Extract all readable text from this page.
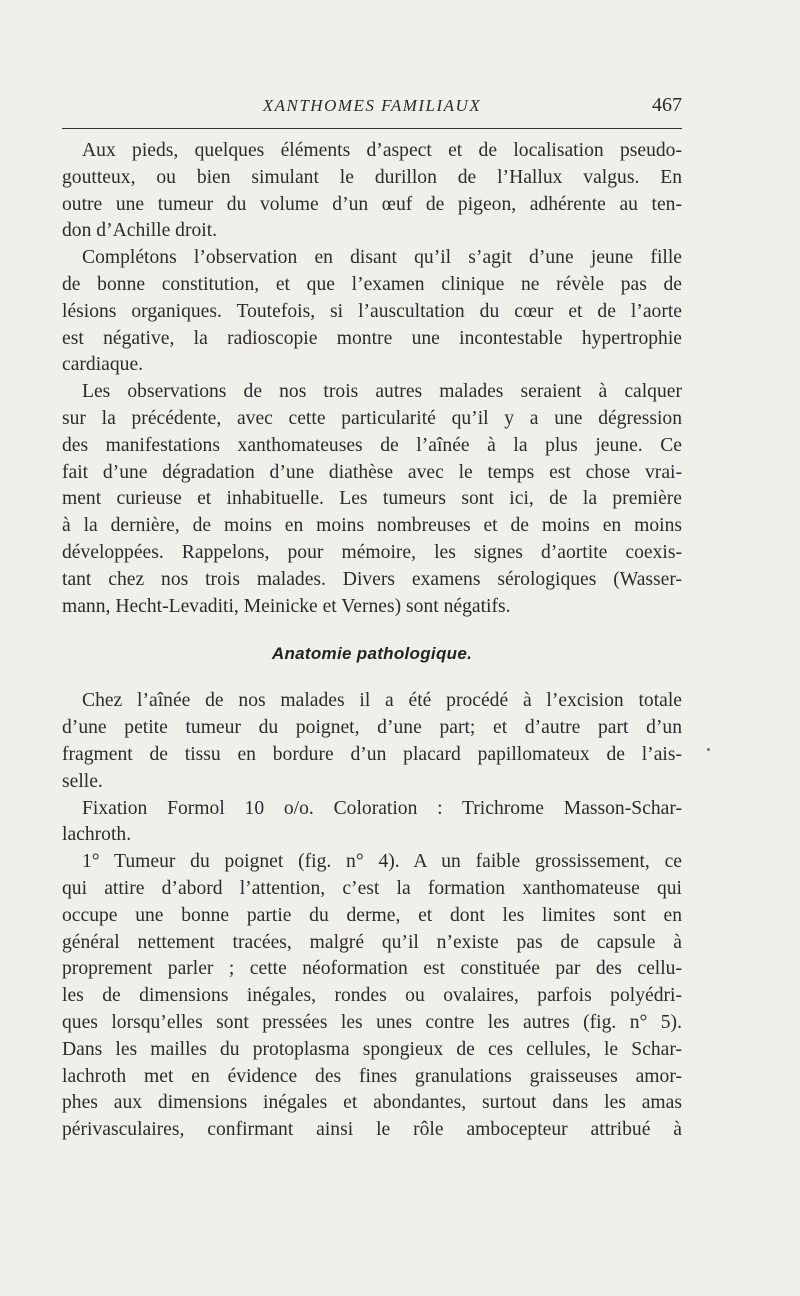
XANTHOMES FAMILIAUX	467

Aux pieds, quelques éléments d’aspect et de localisation pseudo-
goutteux, ou bien simulant le durillon de l’Hallux valgus. En
outre une tumeur du volume d’un œuf de pigeon, adhérente au ten-
don d’Achille droit.

Complétons l’observation en disant qu’il s’agit d’une jeune fille
de bonne constitution, et que l’examen clinique ne révèle pas de
lésions organiques. Toutefois, si l’auscultation du cœur et de l’aorte
est négative, la radioscopie montre une incontestable hypertrophie
cardiaque.

Les observations de nos trois autres malades seraient à calquer
sur la précédente, avec cette particularité qu’il y a une dégression
des manifestations xanthomateuses de l’aînée à la plus jeune. Ce
fait d’une dégradation d’une diathèse avec le temps est chose vrai-
ment curieuse et inhabituelle. Les tumeurs sont ici, de la première
à la dernière, de moins en moins nombreuses et de moins en moins
développées. Rappelons, pour mémoire, les signes d’aortite coexis-
tant chez nos trois malades. Divers examens sérologiques (Wasser-
mann, Hecht-Levaditi, Meinicke et Vernes) sont négatifs.

Anatomie pathologique.

Chez l’aînée de nos malades il a été procédé à l’excision totale
d’une petite tumeur du poignet, d’une part; et d’autre part d’un
fragment de tissu en bordure d’un placard papillomateux de l’ais-
selle.

Fixation Formol 10 o/o. Coloration : Trichrome Masson-Schar-
lachroth.

1° Tumeur du poignet (fig. n° 4). A un faible grossissement, ce
qui attire d’abord l’attention, c’est la formation xanthomateuse qui
occupe une bonne partie du derme, et dont les limites sont en
général nettement tracées, malgré qu’il n’existe pas de capsule à
proprement parler ; cette néoformation est constituée par des cellu-
les de dimensions inégales, rondes ou ovalaires, parfois polyédri-
ques lorsqu’elles sont pressées les unes contre les autres (fig. n° 5).
Dans les mailles du protoplasma spongieux de ces cellules, le Schar-
lachroth met en évidence des fines granulations graisseuses amor-
phes aux dimensions inégales et abondantes, surtout dans les amas
périvasculaires, confirmant ainsi le rôle ambocepteur attribué à
